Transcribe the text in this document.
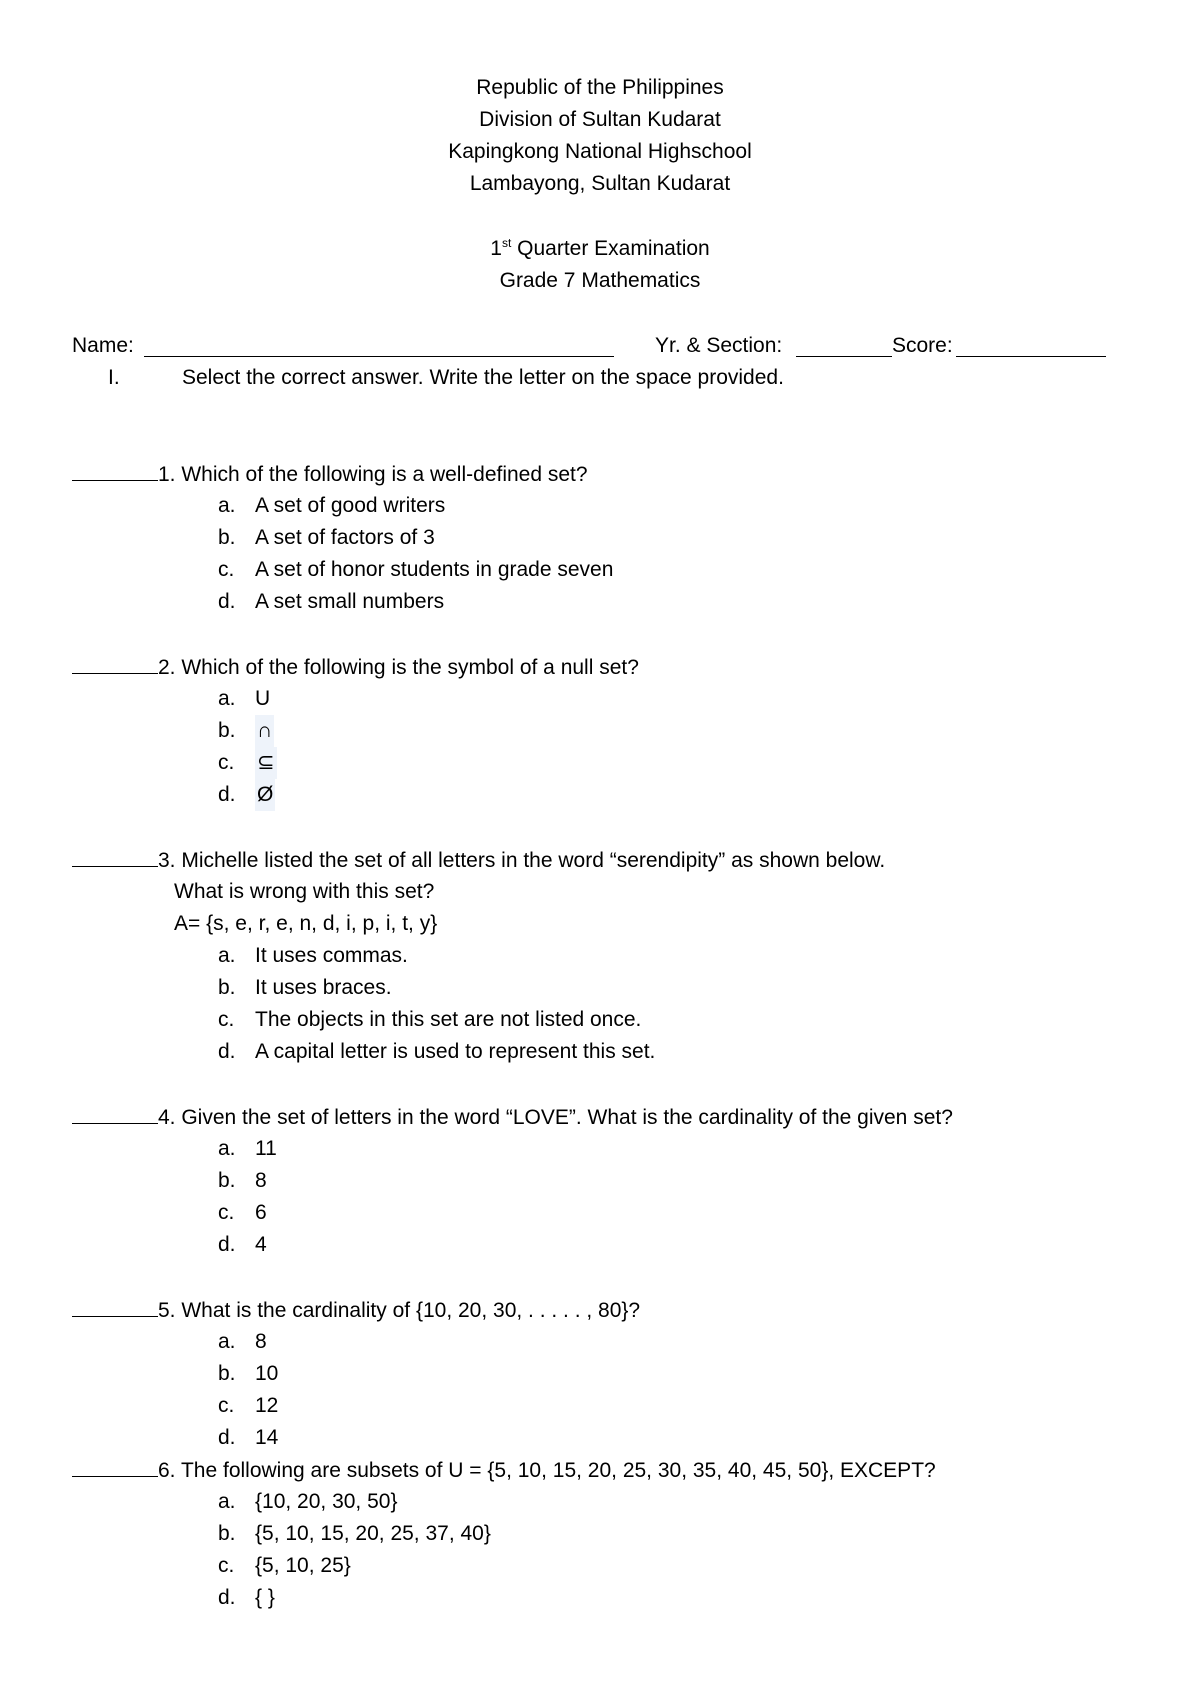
Republic of the Philippines
Division of Sultan Kudarat
Kapingkong National Highschool
Lambayong, Sultan Kudarat
1st Quarter Examination
Grade 7 Mathematics
Name:	Yr. & Section:	Score:
I.	Select the correct answer. Write the letter on the space provided.
1. Which of the following is a well-defined set?
a. A set of good writers
b. A set of factors of 3
c. A set of honor students in grade seven
d. A set small numbers
2. Which of the following is the symbol of a null set?
a. U
b. ∩
c. ⊆
d. Ø
3. Michelle listed the set of all letters in the word “serendipity” as shown below.
What is wrong with this set?
A= {s, e, r, e, n, d, i, p, i, t, y}
a. It uses commas.
b. It uses braces.
c. The objects in this set are not listed once.
d. A capital letter is used to represent this set.
4. Given the set of letters in the word “LOVE”. What is the cardinality of the given set?
a. 11
b. 8
c. 6
d. 4
5. What is the cardinality of {10, 20, 30, . . . . . , 80}?
a. 8
b. 10
c. 12
d. 14
6. The following are subsets of U = {5, 10, 15, 20, 25, 30, 35, 40, 45, 50}, EXCEPT?
a. {10, 20, 30, 50}
b. {5, 10, 15, 20, 25, 37, 40}
c. {5, 10, 25}
d. { }
